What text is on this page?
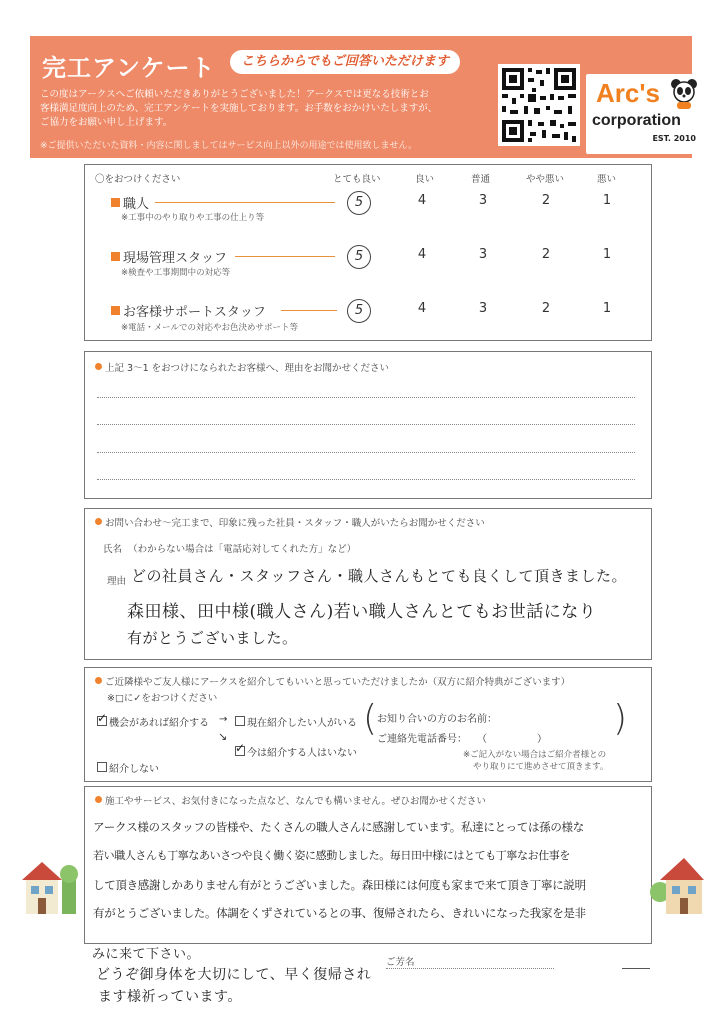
完工アンケート	こちらからでもご回答いただけます
この度はアークスへご依頼いただきありがとうございました！アークスでは更なる技術とお
客様満足度向上のため、完工アンケートを実施しております。お手数をおかけいたしますが、
ご協力をお願い申し上げます。
※ご提供いただいた資料・内容に関しましてはサービス向上以外の用途では使用致しません。
Arc's
corporation
EST. 2010
〇をおつけください	とても良い	良い	普通	やや悪い	悪い
職人
※工事中のやり取りや工事の仕上り等
5	4	3	2	1
現場管理スタッフ
※検査や工事期間中の対応等
5	4	3	2	1
お客様サポートスタッフ
※電話・メールでの対応やお色決めサポート等
5	4	3	2	1
上記 3～1 をおつけになられたお客様へ、理由をお聞かせください
お問い合わせ～完工まで、印象に残った社員・スタッフ・職人がいたらお聞かせください
氏名 （わからない場合は「電話応対してくれた方」など）
理由 どの社員さん・スタッフさん・職人さんもとても良くして頂きました。
森田様、田中様(職人さん)若い職人さんとてもお世話になり
有がとうございました。
ご近隣様やご友人様にアークスを紹介してもいいと思っていただけましたか（双方に紹介特典がございます）
※□に✓をおつけください
✓機会があれば紹介する →	現在紹介したい人がいる
↘
✓今は紹介する人はいない
紹介しない
( お知り合いの方のお名前：
ご連絡先電話番号： （　　　　　）
)
※ご記入がない場合はご紹介者様との
やり取りにて進めさせて頂きます。
施工やサービス、お気付きになった点など、なんでも構いません。ぜひお聞かせください
アークス様のスタッフの皆様や、たくさんの職人さんに感謝しています。私達にとっては孫の様な
若い職人さんも丁寧なあいさつや良く働く姿に感動しました。毎日田中様にはとても丁寧なお仕事を
して頂き感謝しかありません有がとうございました。森田様には何度も家まで来て頂き丁寧に説明
有がとうございました。体調をくずされているとの事、復帰されたら、きれいになった我家を是非
みに来て下さい。
どうぞ御身体を大切にして、早く復帰され
ます様祈っています。
ご芳名
